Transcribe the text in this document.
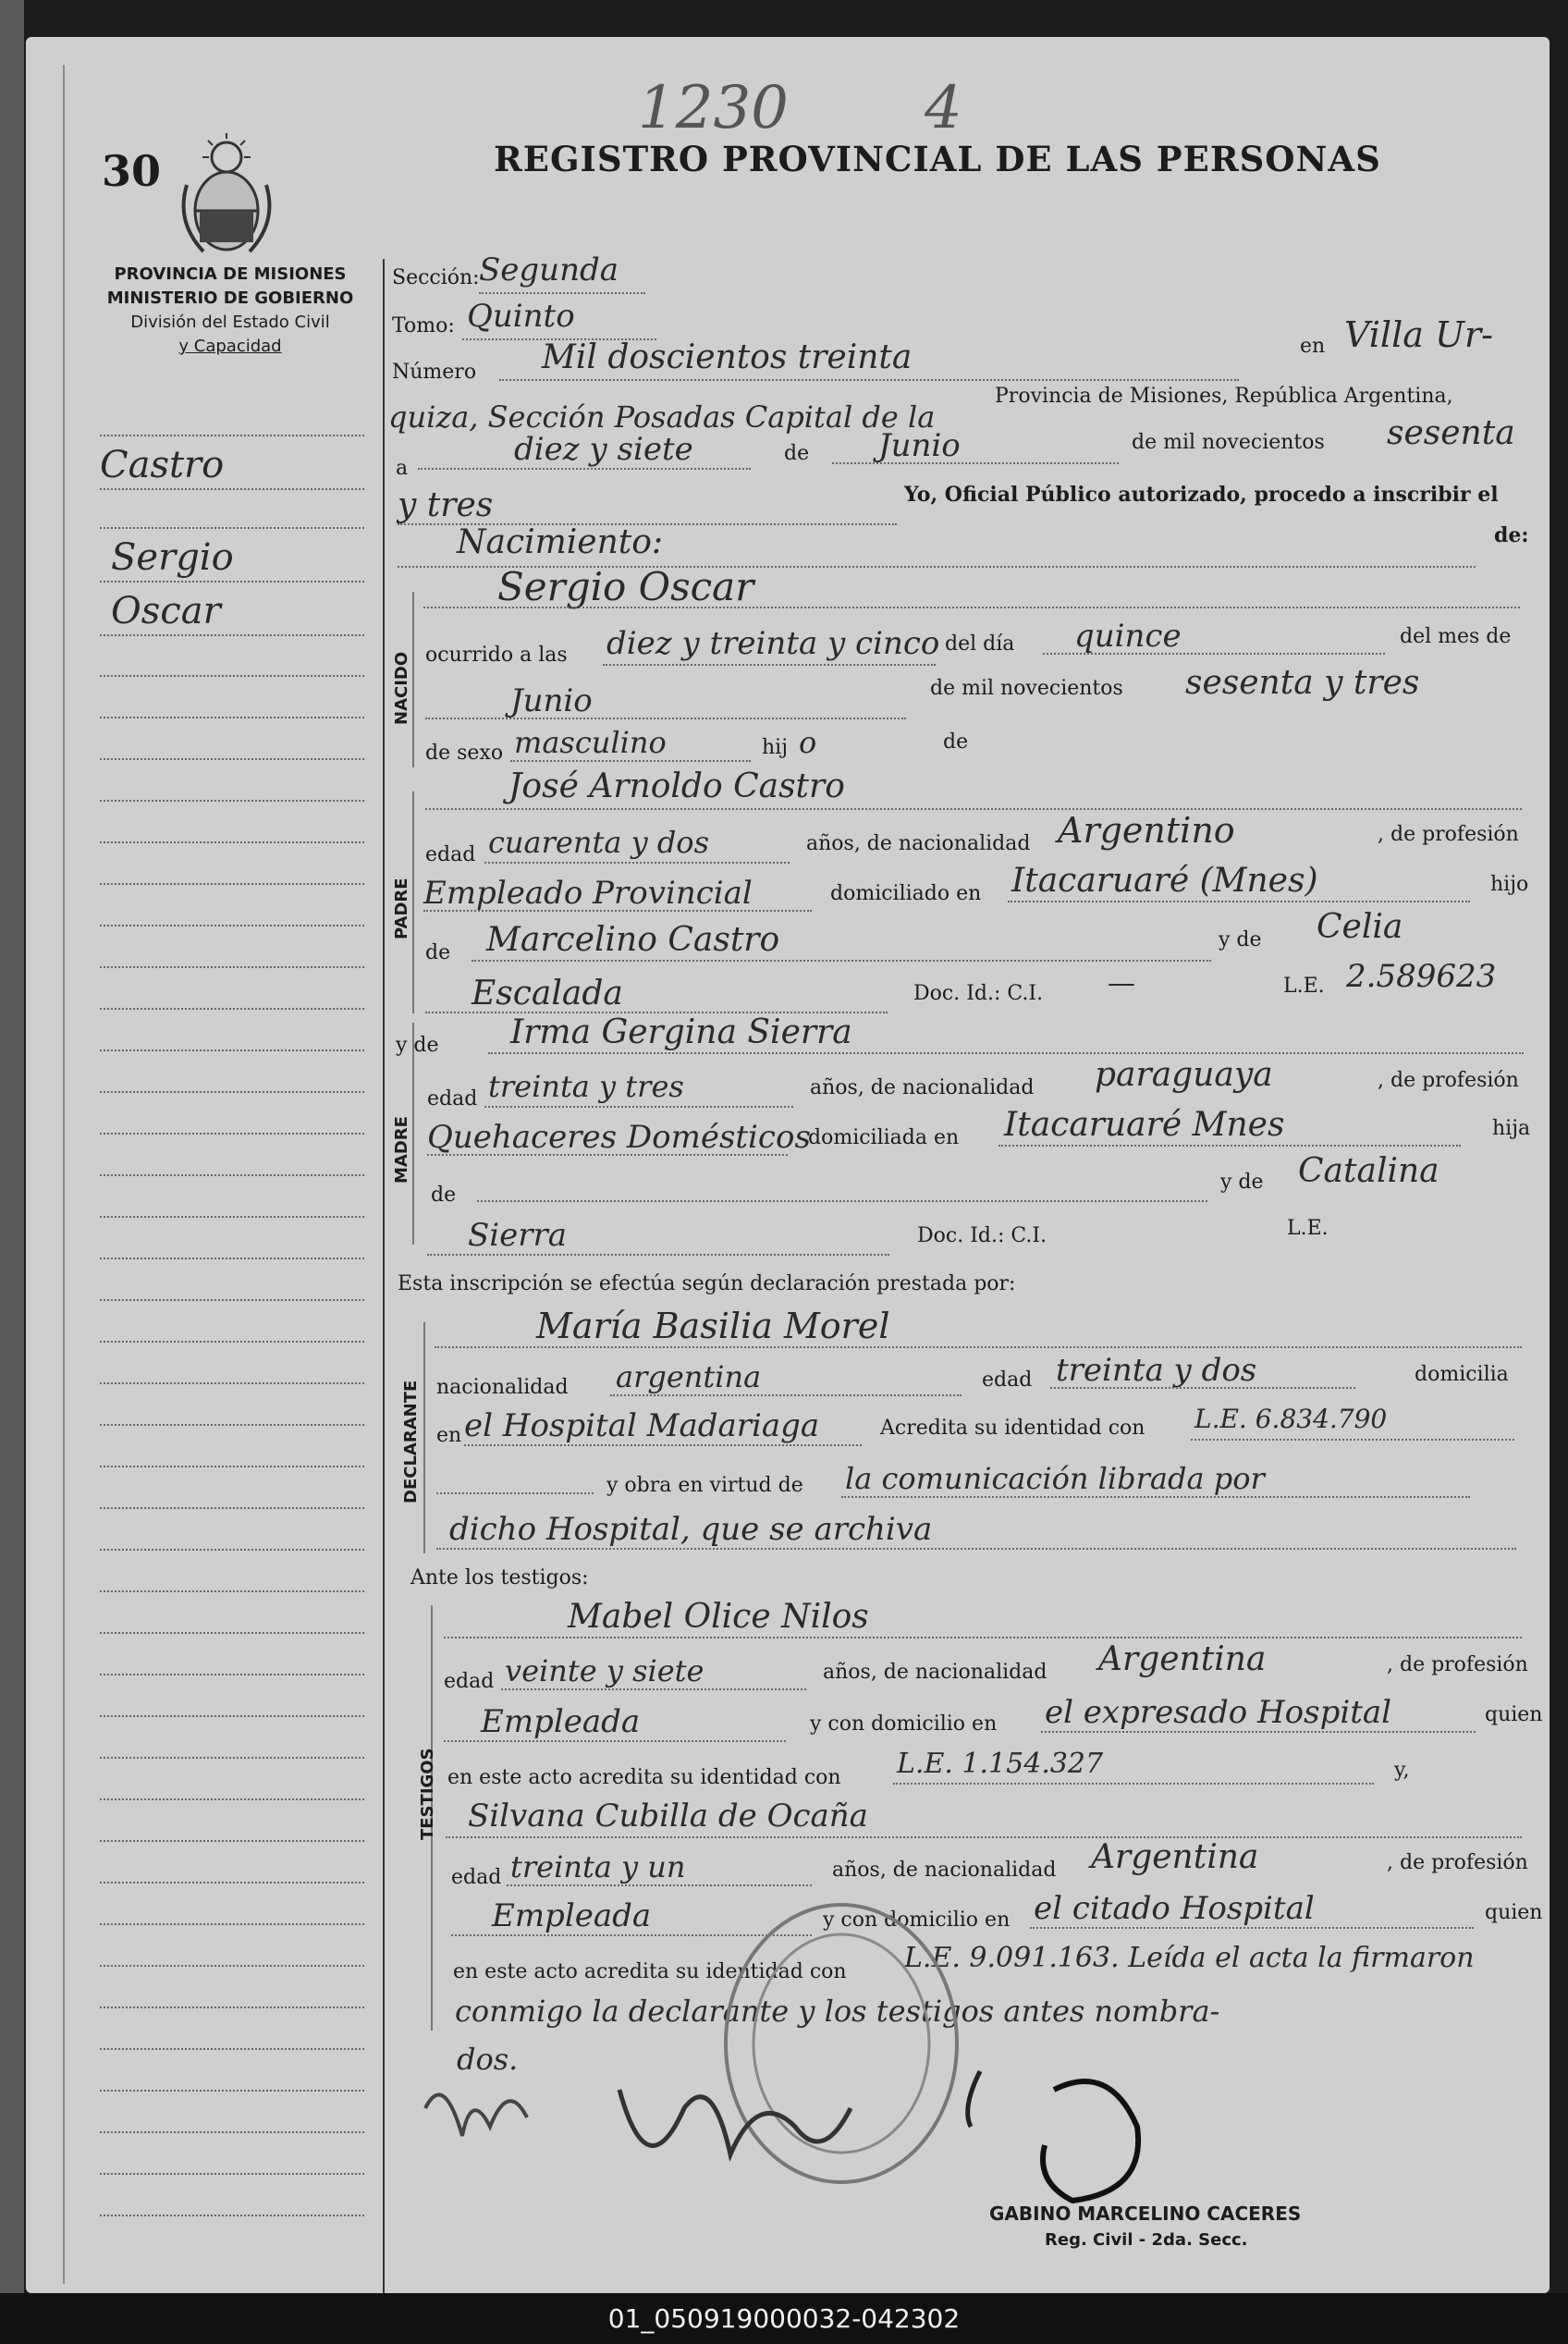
1230 4
30	REGISTRO PROVINCIAL DE LAS PERSONAS
PROVINCIA DE MISIONES
MINISTERIO DE GOBIERNO
División del Estado Civil
y Capacidad
Castro
Sergio
Oscar
Sección: Segunda
Tomo: Quinto
Número Mil doscientos treinta	en Villa Ur-
quiza, Sección Posadas Capital de la
Provincia de Misiones, República Argentina,
a
diez y siete	de Junio	de mil novecientos sesenta
y tres	Yo, Oficial Público autorizado, procedo a inscribir el
Nacimiento:	de:
NACIDO
Sergio Oscar
ocurrido a las diez y treinta y cinco del día quince	del mes de
Junio	de mil novecientos sesenta y tres
de sexo masculino	hij o	de
PADRE
José Arnoldo Castro
edad cuarenta y dos	años, de nacionalidad Argentino	, de profesión
Empleado Provincial	domiciliado en Itacaruaré (Mnes)	hijo
de Marcelino Castro	y de Celia
Escalada	Doc. Id.: C.I. —	L.E. 2.589623
MADRE
y de Irma Gergina Sierra
edad treinta y tres	años, de nacionalidad paraguaya	, de profesión
Quehaceres Domésticos
domiciliada en Itacaruaré Mnes	hija
de
y de Catalina
Sierra	Doc. Id.: C.I.	L.E.
Esta inscripción se efectúa según declaración prestada por:
DECLARANTE
María Basilia Morel
nacionalidad argentina	edad treinta y dos	domicilia
en el Hospital Madariaga	Acredita su identidad con L.E. 6.834.790
y obra en virtud de la comunicación librada por
dicho Hospital, que se archiva
Ante los testigos:
TESTIGOS
Mabel Olice Nilos
edad veinte y siete	años, de nacionalidad Argentina	, de profesión
Empleada	y con domicilio en el expresado Hospital	quien
en este acto acredita su identidad con L.E. 1.154.327	y,
Silvana Cubilla de Ocaña
edad treinta y un	años, de nacionalidad Argentina	, de profesión
Empleada	y con domicilio en el citado Hospital	quien
en este acto acredita su identidad con L.E. 9.091.163. Leída el acta la firmaron
conmigo la declarante y los testigos antes nombra-
dos.
GABINO MARCELINO CACERES
Reg. Civil - 2da. Secc.
01_050919000032-042302
